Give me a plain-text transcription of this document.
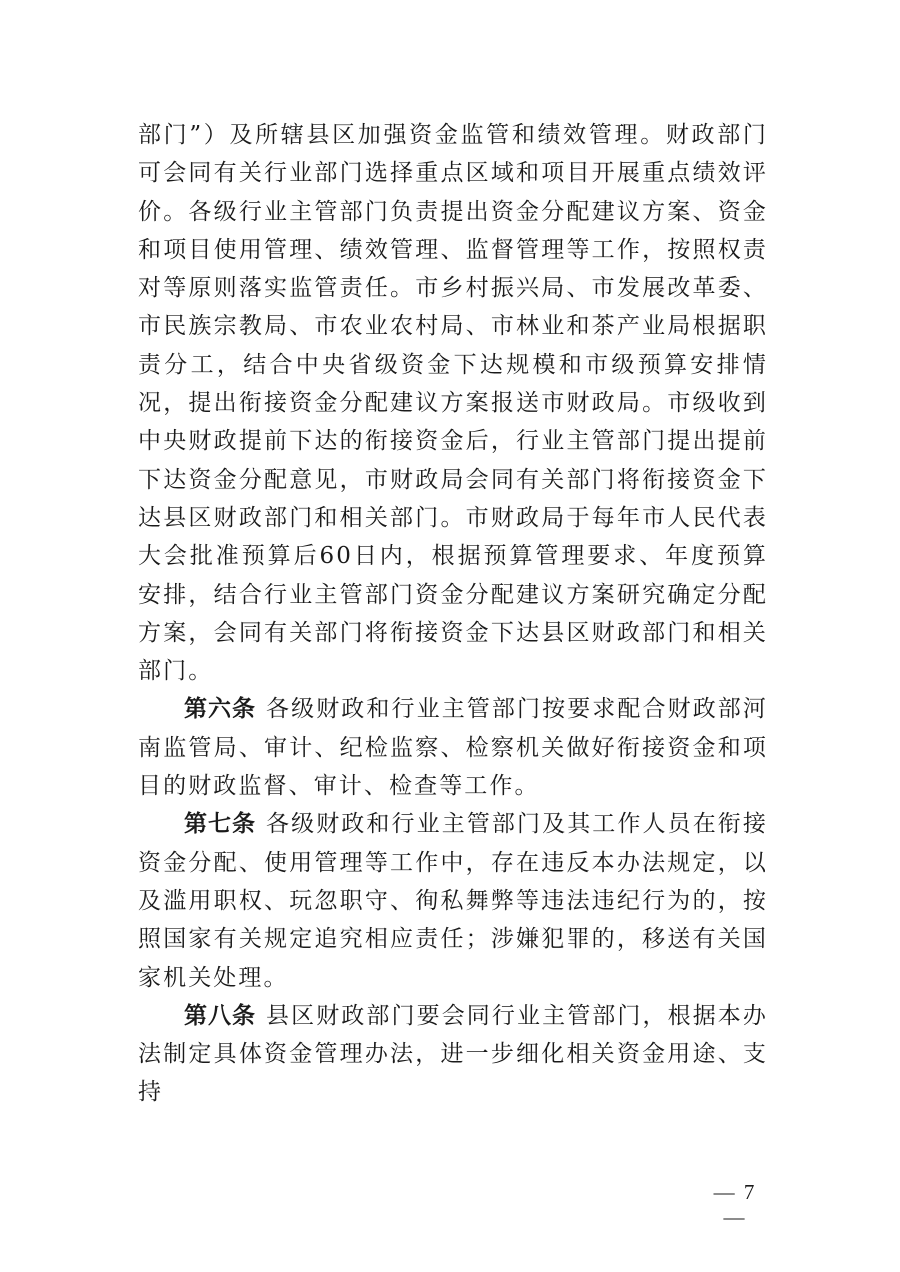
部门”）及所辖县区加强资金监管和绩效管理。财政部门可会同有关行业部门选择重点区域和项目开展重点绩效评价。各级行业主管部门负责提出资金分配建议方案、资金和项目使用管理、绩效管理、监督管理等工作，按照权责对等原则落实监管责任。市乡村振兴局、市发展改革委、市民族宗教局、市农业农村局、市林业和茶产业局根据职责分工，结合中央省级资金下达规模和市级预算安排情况，提出衔接资金分配建议方案报送市财政局。市级收到中央财政提前下达的衔接资金后，行业主管部门提出提前下达资金分配意见，市财政局会同有关部门将衔接资金下达县区财政部门和相关部门。市财政局于每年市人民代表大会批准预算后60日内，根据预算管理要求、年度预算安排，结合行业主管部门资金分配建议方案研究确定分配方案，会同有关部门将衔接资金下达县区财政部门和相关部门。

第六条 各级财政和行业主管部门按要求配合财政部河南监管局、审计、纪检监察、检察机关做好衔接资金和项目的财政监督、审计、检查等工作。

第七条 各级财政和行业主管部门及其工作人员在衔接资金分配、使用管理等工作中，存在违反本办法规定，以及滥用职权、玩忽职守、徇私舞弊等违法违纪行为的，按照国家有关规定追究相应责任；涉嫌犯罪的，移送有关国家机关处理。

第八条 县区财政部门要会同行业主管部门，根据本办法制定具体资金管理办法，进一步细化相关资金用途、支持

— 7 —
